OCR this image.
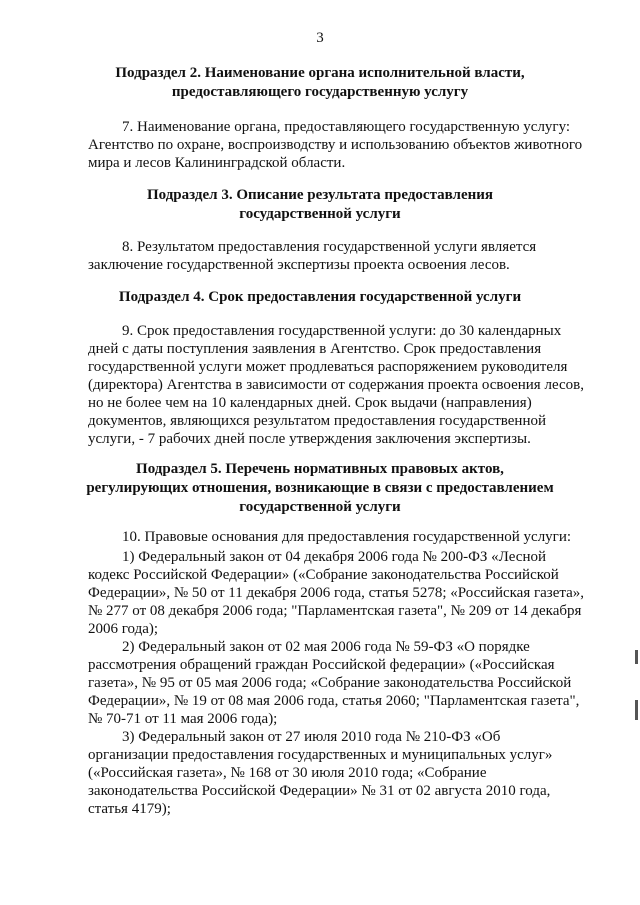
3
Подраздел 2. Наименование органа исполнительной власти,
предоставляющего государственную услугу
7. Наименование органа, предоставляющего государственную услугу:
Агентство по охране, воспроизводству и использованию объектов животного
мира и лесов Калининградской области.
Подраздел 3. Описание результата предоставления
государственной услуги
8. Результатом предоставления государственной услуги является
заключение государственной экспертизы проекта освоения лесов.
Подраздел 4. Срок предоставления государственной услуги
9. Срок предоставления государственной услуги: до 30 календарных
дней с даты поступления заявления в Агентство. Срок предоставления
государственной услуги может продлеваться распоряжением руководителя
(директора) Агентства в зависимости от содержания проекта освоения лесов,
но не более чем на 10 календарных дней. Срок выдачи (направления)
документов, являющихся результатом предоставления государственной
услуги, - 7 рабочих дней после утверждения заключения экспертизы.
Подраздел 5. Перечень нормативных правовых актов,
регулирующих отношения, возникающие в связи с предоставлением
государственной услуги
10. Правовые основания для предоставления государственной услуги:
1) Федеральный закон от 04 декабря 2006 года № 200-ФЗ «Лесной
кодекс Российской Федерации» («Собрание законодательства Российской
Федерации», № 50 от 11 декабря 2006 года, статья 5278; «Российская газета»,
№ 277 от 08 декабря 2006 года; "Парламентская газета", № 209 от 14 декабря
2006 года);
2) Федеральный закон от 02 мая 2006 года № 59-ФЗ «О порядке
рассмотрения обращений граждан Российской федерации» («Российская
газета», № 95 от 05 мая 2006 года; «Собрание законодательства Российской
Федерации», № 19 от 08 мая 2006 года, статья 2060; "Парламентская газета",
№ 70-71 от 11 мая 2006 года);
3) Федеральный закон от 27 июля 2010 года № 210-ФЗ «Об
организации предоставления государственных и муниципальных услуг»
(«Российская газета», № 168 от 30 июля 2010 года; «Собрание
законодательства Российской Федерации» № 31 от 02 августа 2010 года,
статья 4179);
